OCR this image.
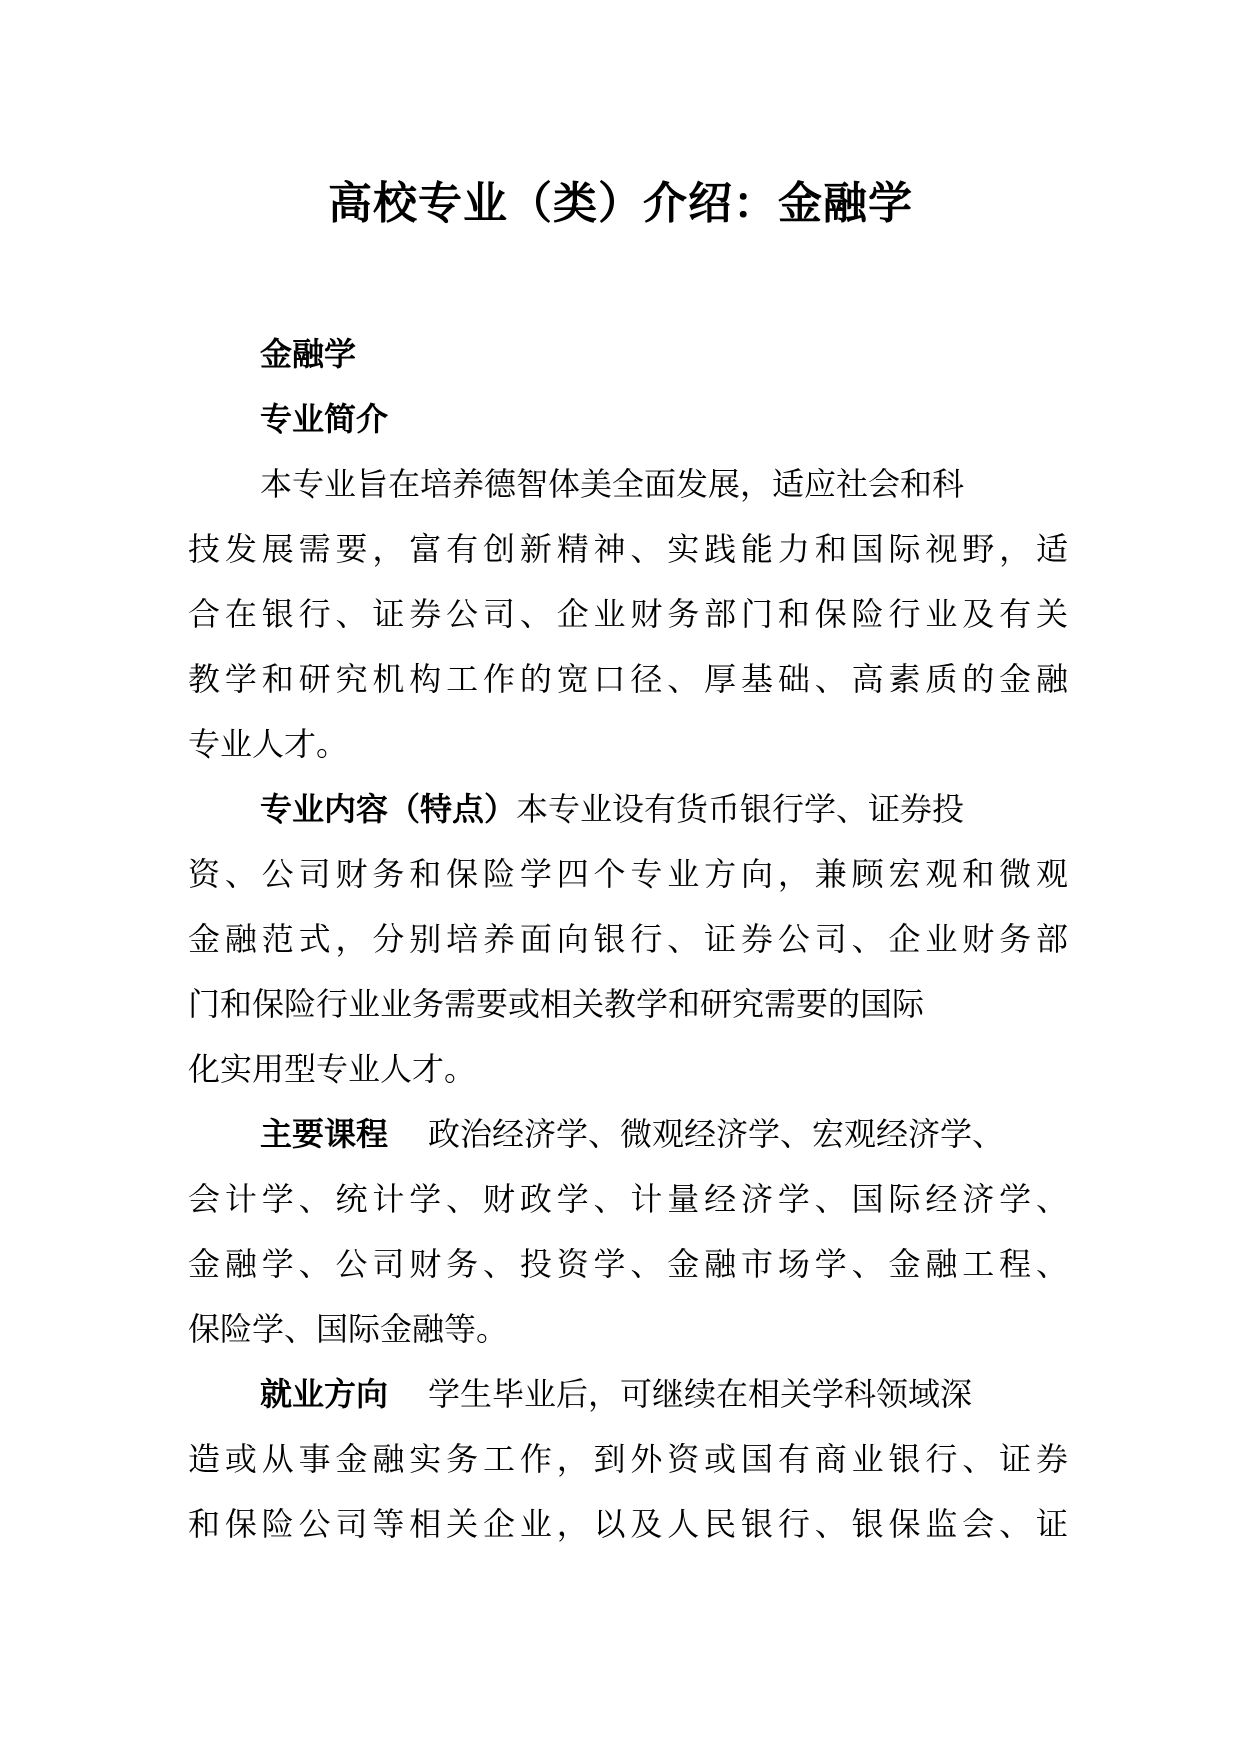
高校专业（类）介绍：金融学
金融学
专业简介
本专业旨在培养德智体美全面发展，适应社会和科
技发展需要，富有创新精神、实践能力和国际视野，适
合在银行、证券公司、企业财务部门和保险行业及有关
教学和研究机构工作的宽口径、厚基础、高素质的金融
专业人才。
专业内容（特点） 本专业设有货币银行学、证券投
资、公司财务和保险学四个专业方向，兼顾宏观和微观
金融范式，分别培养面向银行、证券公司、企业财务部
门和保险行业业务需要或相关教学和研究需要的国际
化实用型专业人才。
主要课程 政治经济学、微观经济学、宏观经济学、
会计学、统计学、财政学、计量经济学、国际经济学、
金融学、公司财务、投资学、金融市场学、金融工程、
保险学、国际金融等。
就业方向 学生毕业后，可继续在相关学科领域深
造或从事金融实务工作，到外资或国有商业银行、证券
和保险公司等相关企业，以及人民银行、银保监会、证
